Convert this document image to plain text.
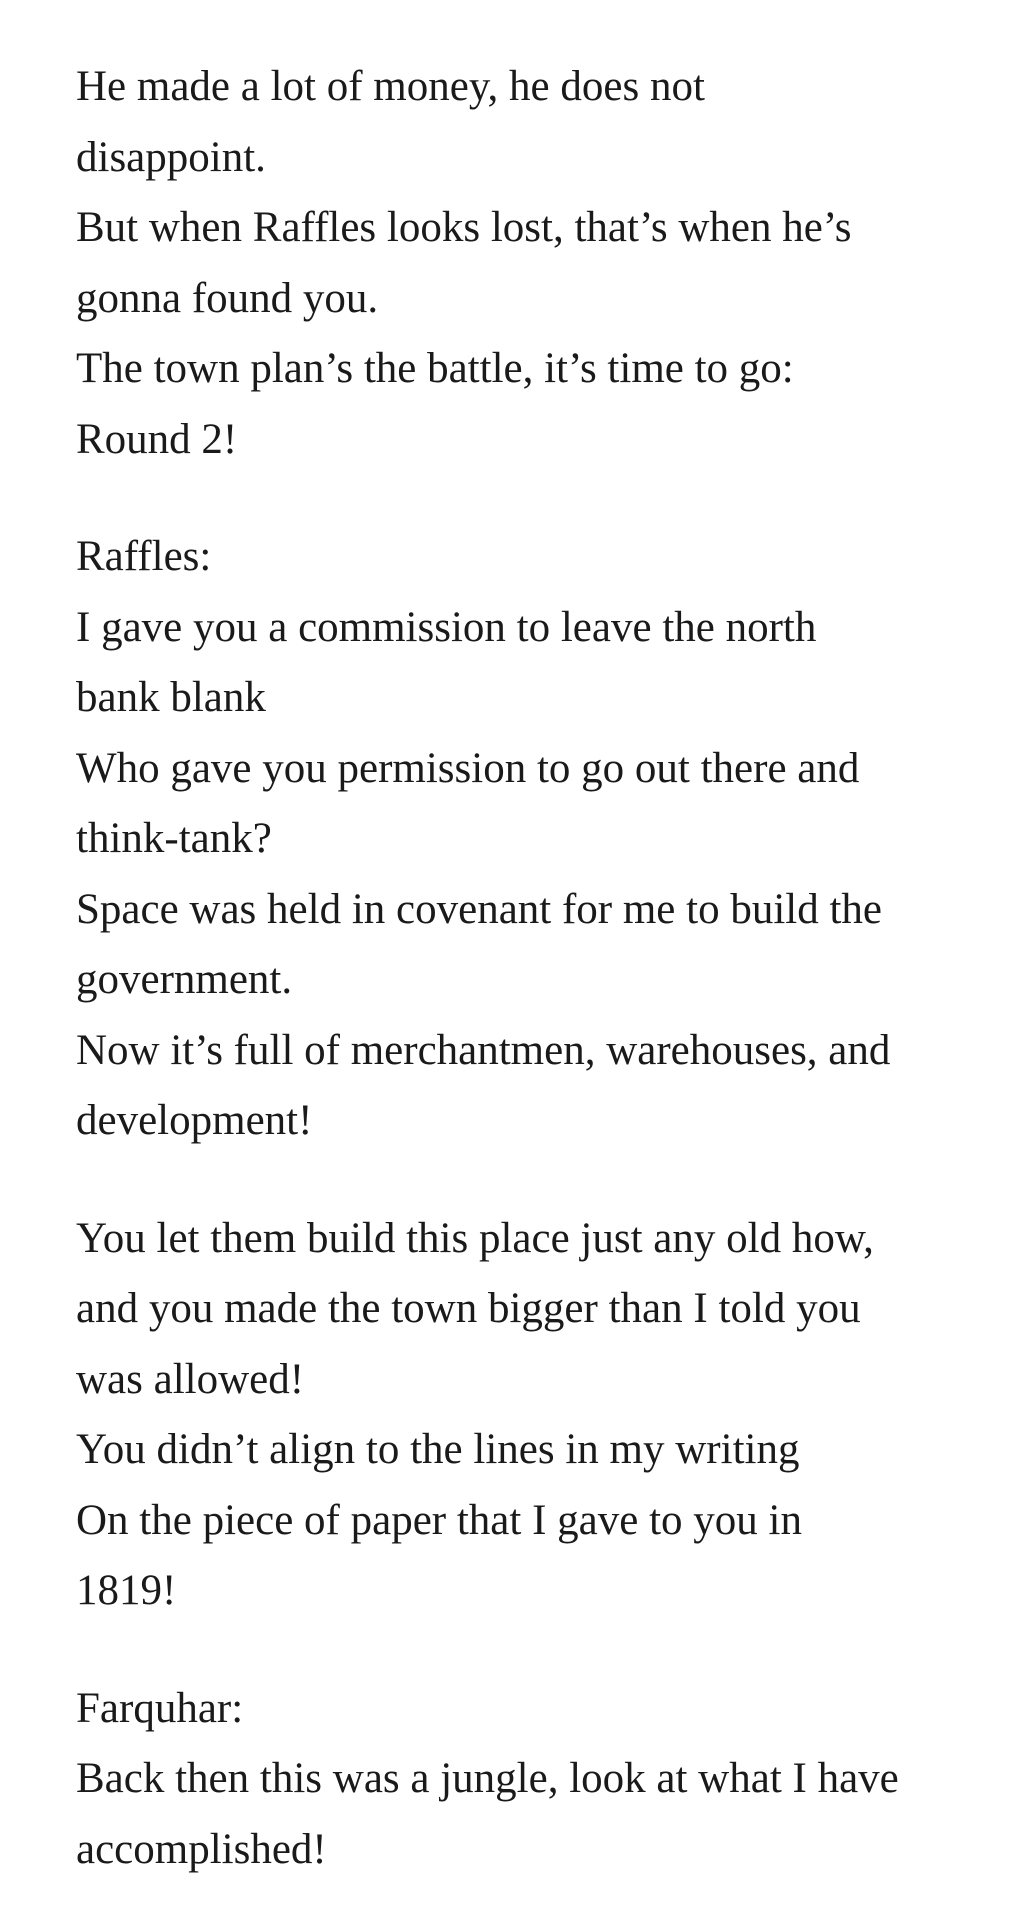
He made a lot of money, he does not
disappoint.
But when Raffles looks lost, that’s when he’s
gonna found you.
The town plan’s the battle, it’s time to go:
Round 2!
Raffles:
I gave you a commission to leave the north
bank blank
Who gave you permission to go out there and
think-tank?
Space was held in covenant for me to build the
government.
Now it’s full of merchantmen, warehouses, and
development!
You let them build this place just any old how,
and you made the town bigger than I told you
was allowed!
You didn’t align to the lines in my writing
On the piece of paper that I gave to you in
1819!
Farquhar:
Back then this was a jungle, look at what I have
accomplished!
